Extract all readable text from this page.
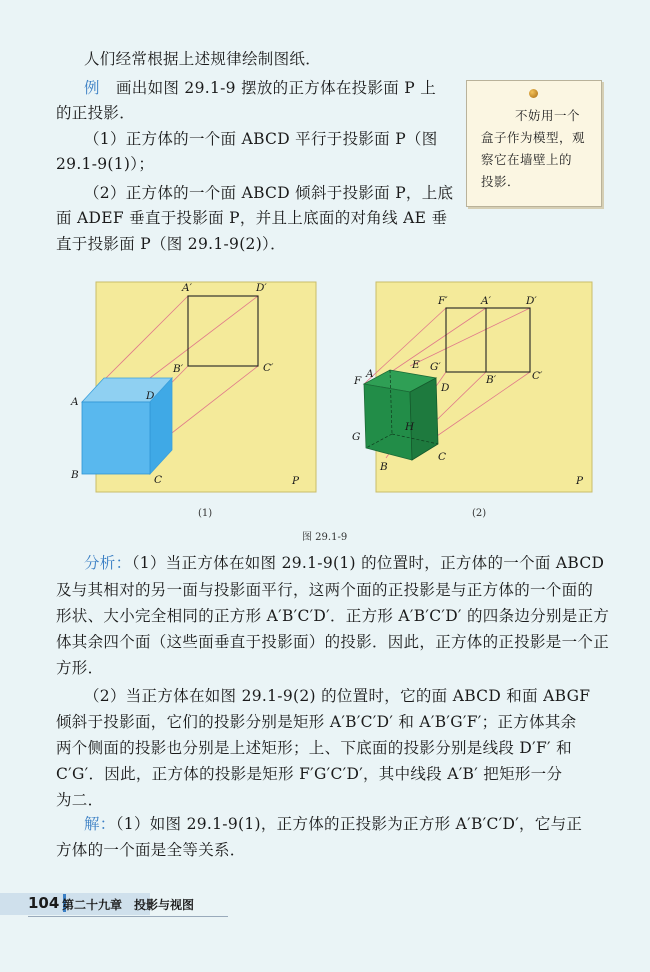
人们经常根据上述规律绘制图纸．
例 画出如图 29.1-9 摆放的正方体在投影面 P 上
的正投影．
（1）正方体的一个面 ABCD 平行于投影面 P（图
29.1-9(1)）；
（2）正方体的一个面 ABCD 倾斜于投影面 P，上底
面 ADEF 垂直于投影面 P，并且上底面的对角线 AE 垂
直于投影面 P（图 29.1-9(2)）．

不妨用一个

盒子作为模型，观

察它在墙壁上的

投影．

A′	D′
B′	C′
A	D
B	C	P
F′	A′	D′
E G′
B′	C′
F
A
D
G
H
B
C
P
(1)	(2)
图 29.1-9
分析：
（1）当正方体在如图 29.1-9(1) 的位置时，正方体的一个面 ABCD
及与其相对的另一面与投影面平行，这两个面的正投影是与正方体的一个面的
形状、大小完全相同的正方形 A′B′C′D′．正方形 A′B′C′D′ 的四条边分别是正方
体其余四个面（这些面垂直于投影面）的投影．因此，正方体的正投影是一个正
方形．
（2）当正方体在如图 29.1-9(2) 的位置时，它的面 ABCD 和面 ABGF
倾斜于投影面，它们的投影分别是矩形 A′B′C′D′ 和 A′B′G′F′；正方体其余
两个侧面的投影也分别是上述矩形；上、下底面的投影分别是线段 D′F′ 和
C′G′．因此，正方体的投影是矩形 F′G′C′D′，其中线段 A′B′ 把矩形一分
为二．
解：
（1）如图 29.1-9(1)，正方体的正投影为正方形 A′B′C′D′，它与正
方体的一个面是全等关系．
104 第二十九章　投影与视图
